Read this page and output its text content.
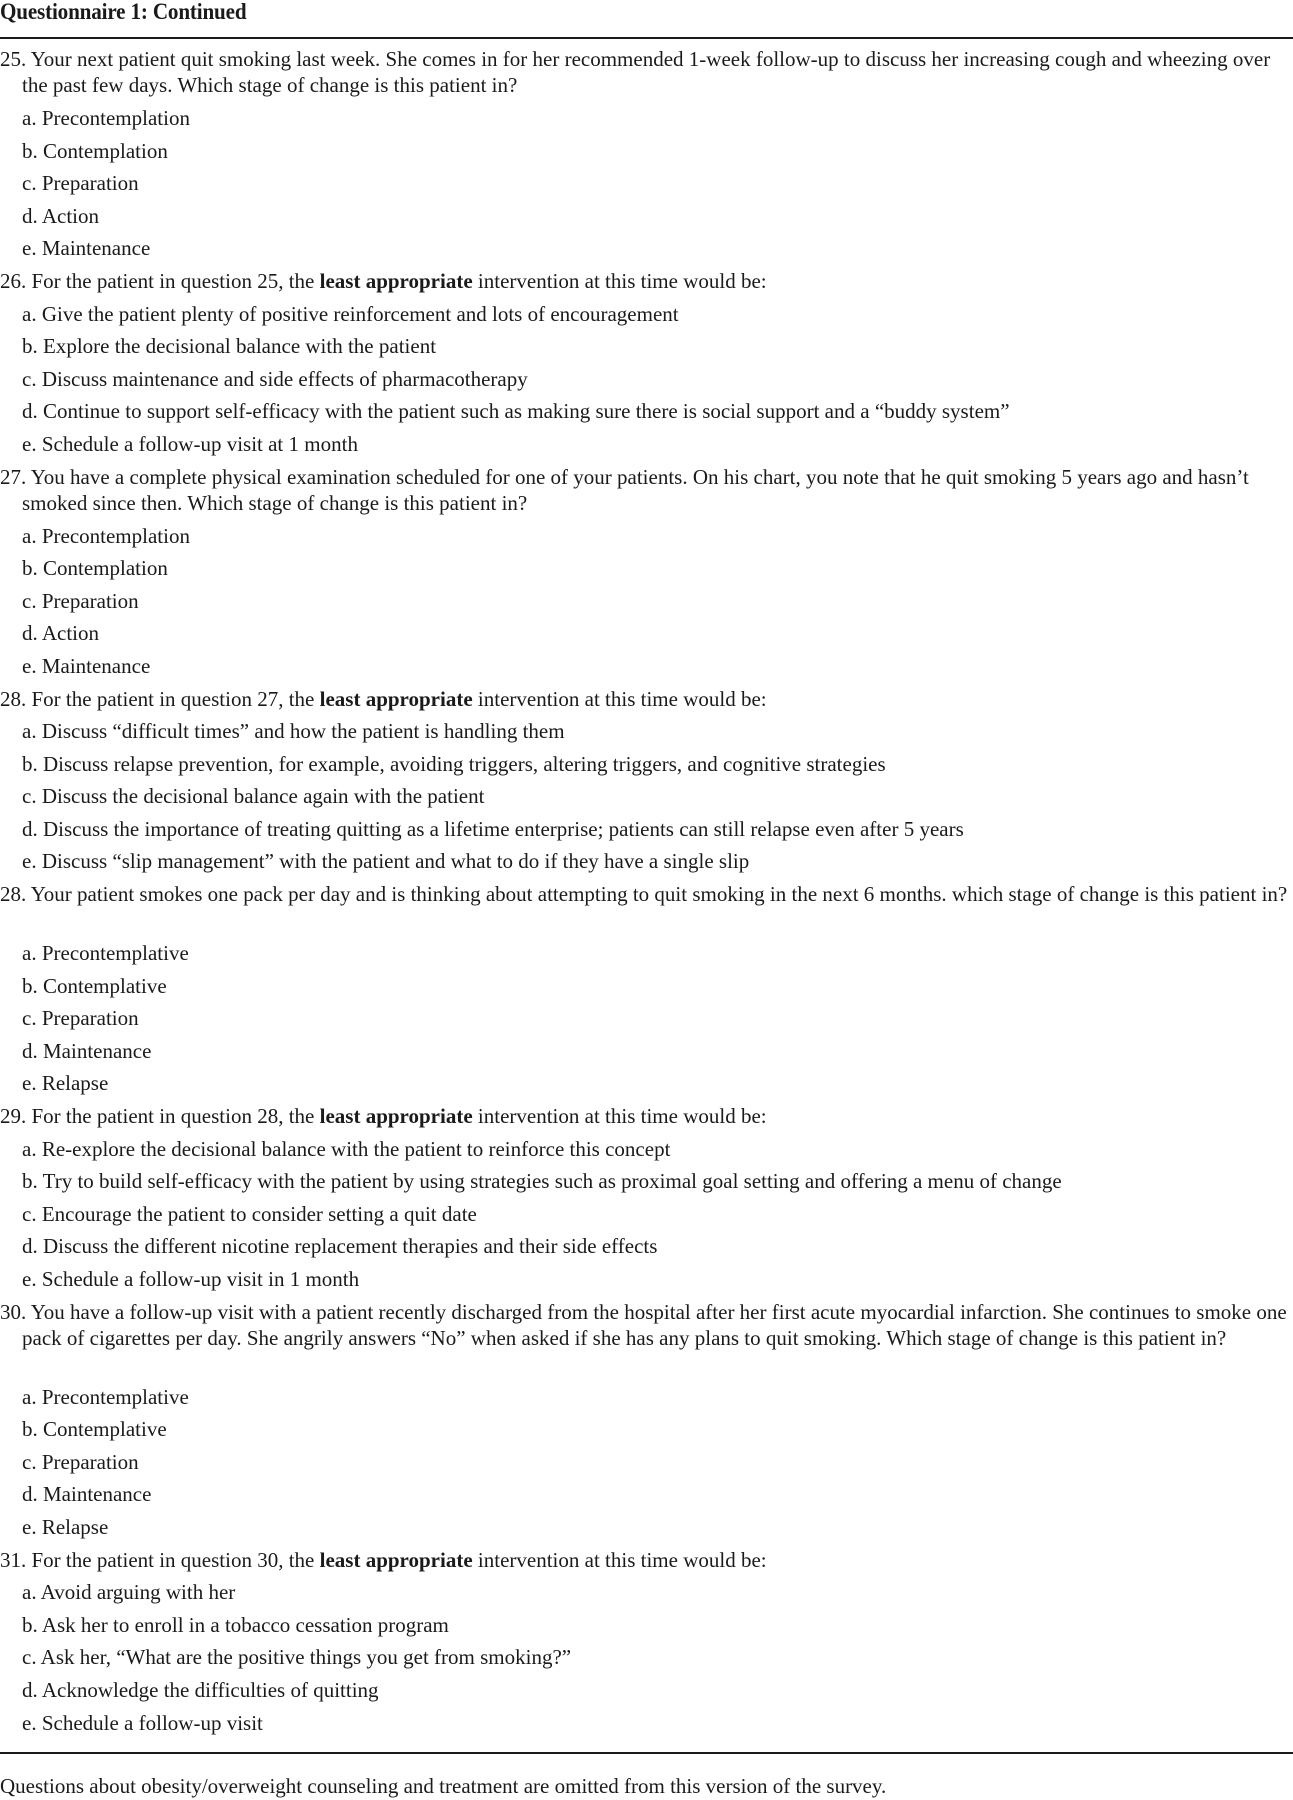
Questionnaire 1: Continued

25. Your next patient quit smoking last week. She comes in for her recommended 1-week follow-up to discuss her increasing cough and wheezing over the past few days. Which stage of change is this patient in?

a. Precontemplation

b. Contemplation

c. Preparation

d. Action

e. Maintenance

26. For the patient in question 25, the least appropriate intervention at this time would be:

a. Give the patient plenty of positive reinforcement and lots of encouragement

b. Explore the decisional balance with the patient

c. Discuss maintenance and side effects of pharmacotherapy

d. Continue to support self-efficacy with the patient such as making sure there is social support and a “buddy system”

e. Schedule a follow-up visit at 1 month

27. You have a complete physical examination scheduled for one of your patients. On his chart, you note that he quit smoking 5 years ago and hasn’t smoked since then. Which stage of change is this patient in?

a. Precontemplation

b. Contemplation

c. Preparation

d. Action

e. Maintenance

28. For the patient in question 27, the least appropriate intervention at this time would be:

a. Discuss “difficult times” and how the patient is handling them

b. Discuss relapse prevention, for example, avoiding triggers, altering triggers, and cognitive strategies

c. Discuss the decisional balance again with the patient

d. Discuss the importance of treating quitting as a lifetime enterprise; patients can still relapse even after 5 years

e. Discuss “slip management” with the patient and what to do if they have a single slip

28. Your patient smokes one pack per day and is thinking about attempting to quit smoking in the next 6 months. which stage of change is this patient in?

a. Precontemplative

b. Contemplative

c. Preparation

d. Maintenance

e. Relapse

29. For the patient in question 28, the least appropriate intervention at this time would be:

a. Re-explore the decisional balance with the patient to reinforce this concept

b. Try to build self-efficacy with the patient by using strategies such as proximal goal setting and offering a menu of change

c. Encourage the patient to consider setting a quit date

d. Discuss the different nicotine replacement therapies and their side effects

e. Schedule a follow-up visit in 1 month

30. You have a follow-up visit with a patient recently discharged from the hospital after her first acute myocardial infarction. She continues to smoke one pack of cigarettes per day. She angrily answers “No” when asked if she has any plans to quit smoking. Which stage of change is this patient in?

a. Precontemplative

b. Contemplative

c. Preparation

d. Maintenance

e. Relapse

31. For the patient in question 30, the least appropriate intervention at this time would be:

a. Avoid arguing with her

b. Ask her to enroll in a tobacco cessation program

c. Ask her, “What are the positive things you get from smoking?”

d. Acknowledge the difficulties of quitting

e. Schedule a follow-up visit

Questions about obesity/overweight counseling and treatment are omitted from this version of the survey.
